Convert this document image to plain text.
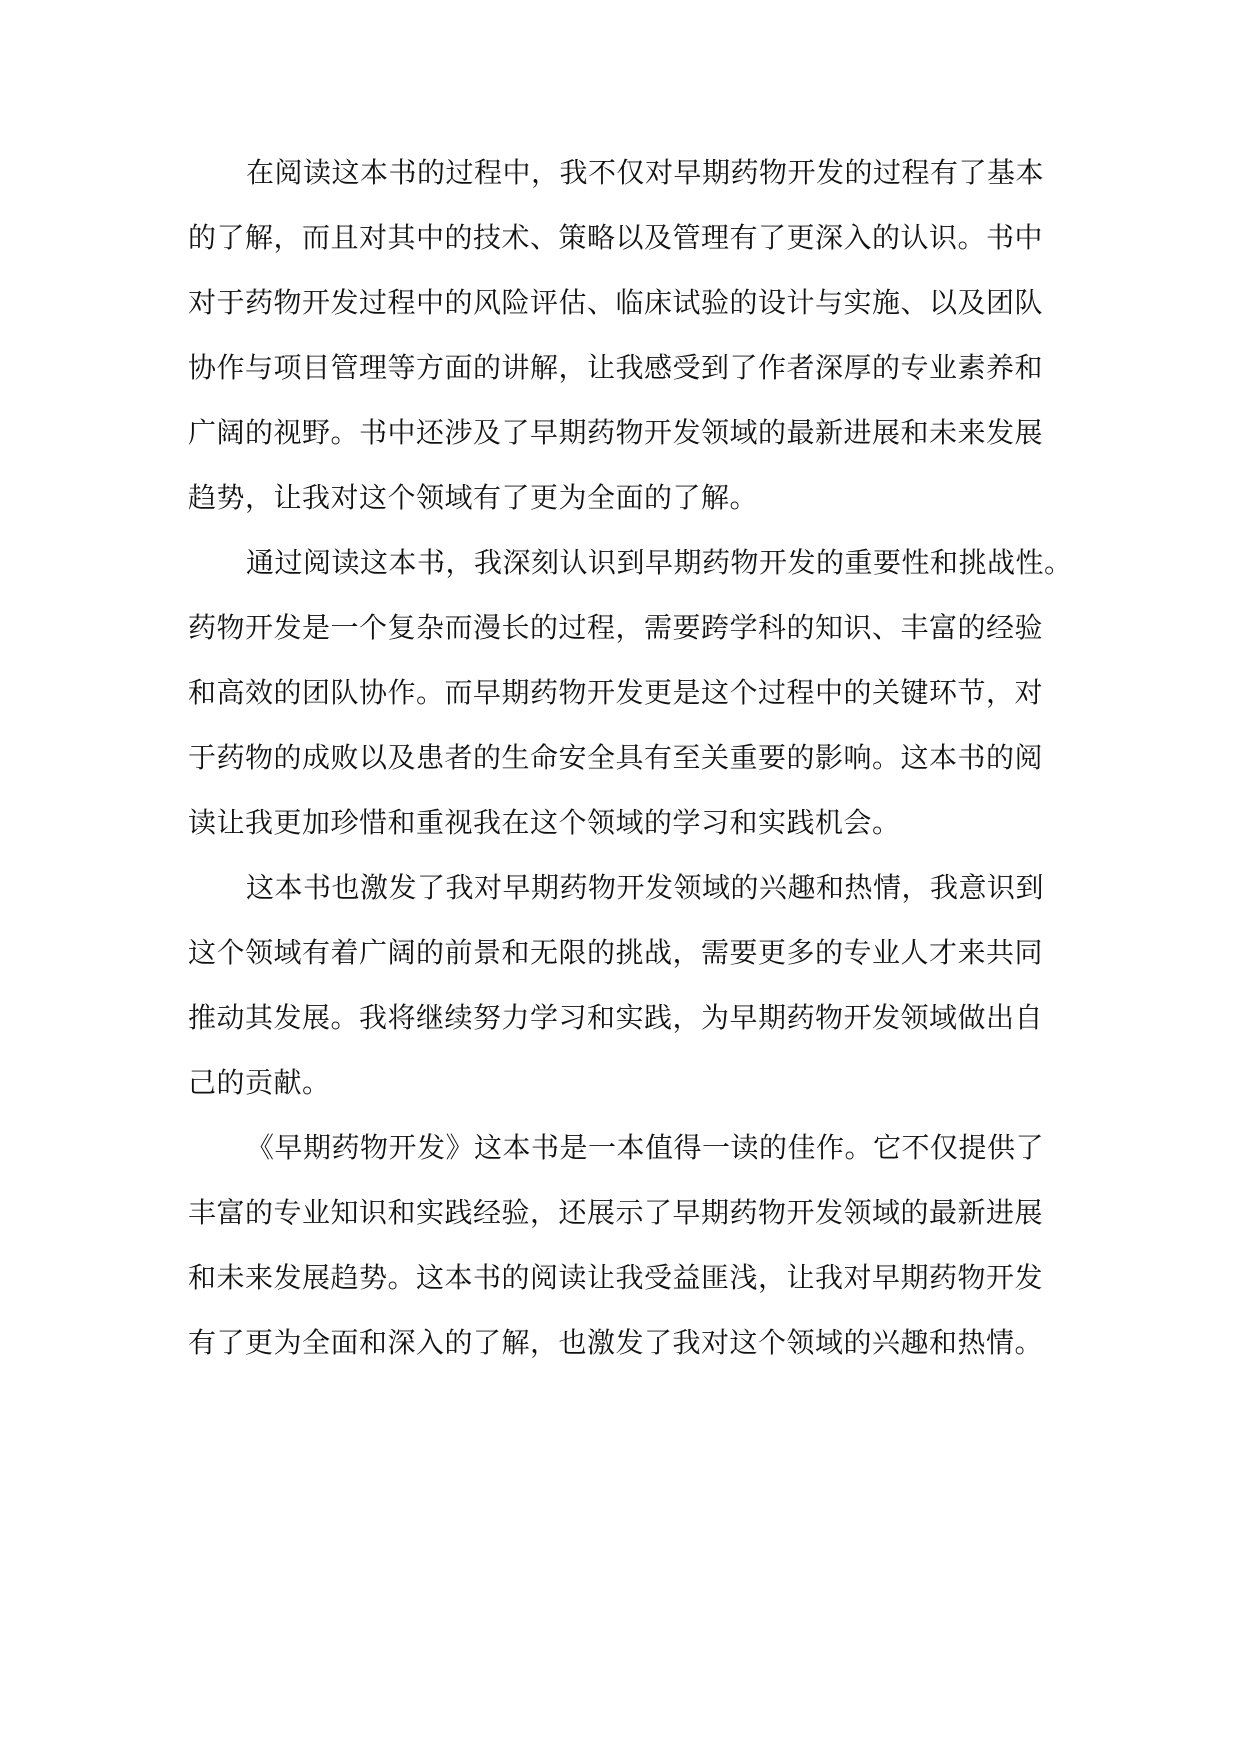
在阅读这本书的过程中，我不仅对早期药物开发的过程有了基本
的了解，而且对其中的技术、策略以及管理有了更深入的认识。书中
对于药物开发过程中的风险评估、临床试验的设计与实施、以及团队
协作与项目管理等方面的讲解，让我感受到了作者深厚的专业素养和
广阔的视野。书中还涉及了早期药物开发领域的最新进展和未来发展
趋势，让我对这个领域有了更为全面的了解。
通过阅读这本书，我深刻认识到早期药物开发的重要性和挑战性。
药物开发是一个复杂而漫长的过程，需要跨学科的知识、丰富的经验
和高效的团队协作。而早期药物开发更是这个过程中的关键环节，对
于药物的成败以及患者的生命安全具有至关重要的影响。这本书的阅
读让我更加珍惜和重视我在这个领域的学习和实践机会。
这本书也激发了我对早期药物开发领域的兴趣和热情，我意识到
这个领域有着广阔的前景和无限的挑战，需要更多的专业人才来共同
推动其发展。我将继续努力学习和实践，为早期药物开发领域做出自
己的贡献。
《早期药物开发》这本书是一本值得一读的佳作。它不仅提供了
丰富的专业知识和实践经验，还展示了早期药物开发领域的最新进展
和未来发展趋势。这本书的阅读让我受益匪浅，让我对早期药物开发
有了更为全面和深入的了解，也激发了我对这个领域的兴趣和热情。
